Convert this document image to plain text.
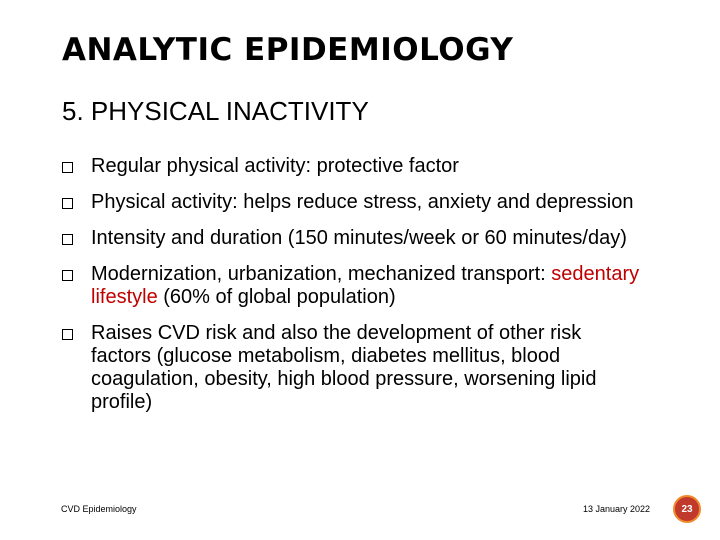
ANALYTIC EPIDEMIOLOGY
5. PHYSICAL INACTIVITY
Regular physical activity: protective factor
Physical activity: helps reduce stress, anxiety and depression
Intensity and duration (150 minutes/week or 60 minutes/day)
Modernization, urbanization, mechanized transport: sedentary lifestyle (60% of global population)
Raises CVD risk and also the development of other risk factors (glucose metabolism, diabetes mellitus, blood coagulation, obesity, high blood pressure, worsening lipid profile)
CVD Epidemiology	13 January 2022	23
